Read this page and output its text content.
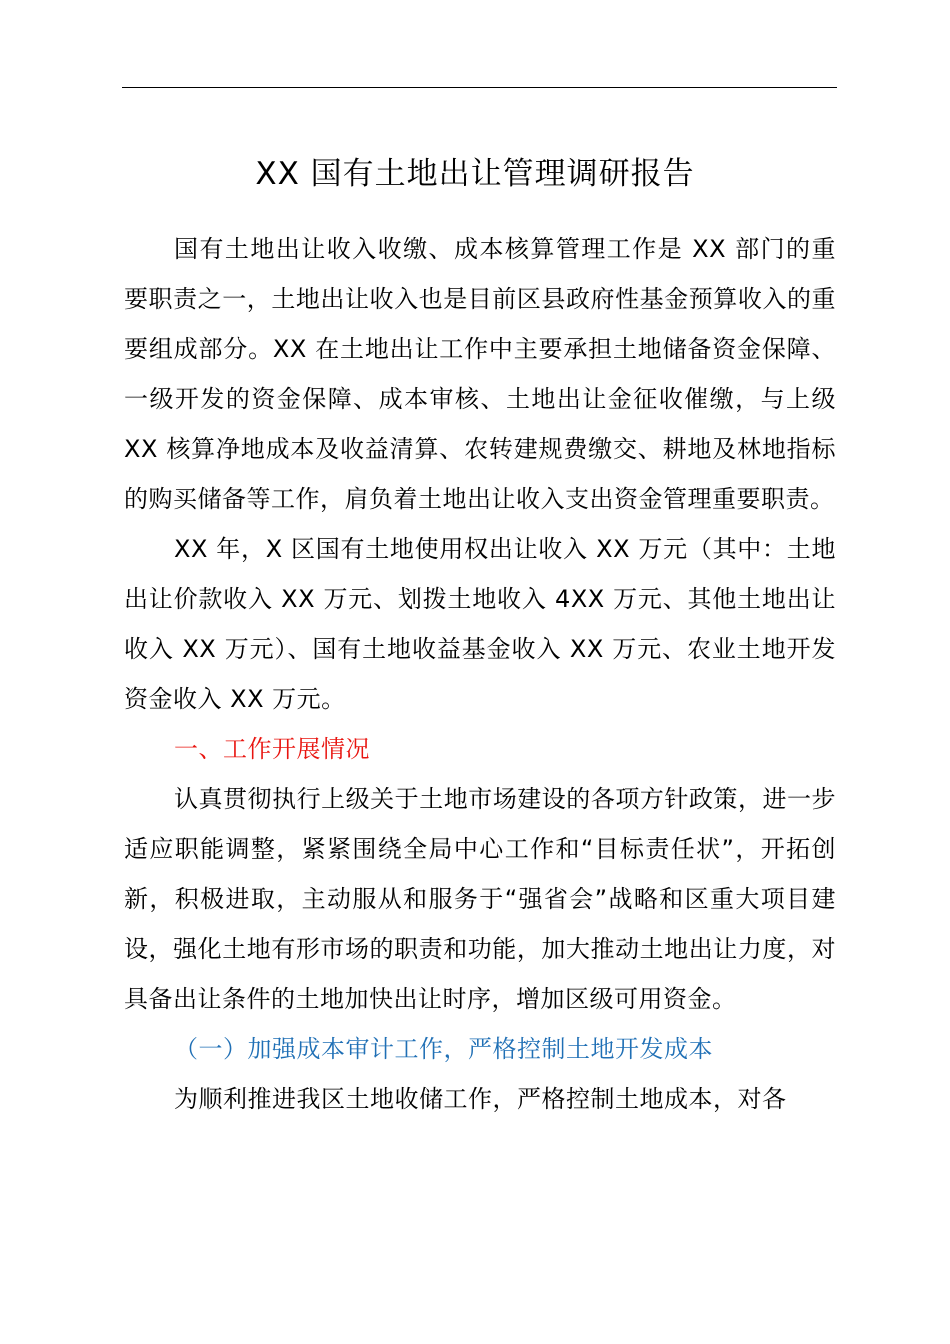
XX 国有土地出让管理调研报告

国有土地出让收入收缴、成本核算管理工作是 XX 部门的重要职责之一，土地出让收入也是目前区县政府性基金预算收入的重要组成部分。XX 在土地出让工作中主要承担土地储备资金保障、一级开发的资金保障、成本审核、土地出让金征收催缴，与上级 XX 核算净地成本及收益清算、农转建规费缴交、耕地及林地指标的购买储备等工作，肩负着土地出让收入支出资金管理重要职责。

XX 年，X 区国有土地使用权出让收入 XX 万元（其中：土地出让价款收入 XX 万元、划拨土地收入 4XX 万元、其他土地出让收入 XX 万元）、国有土地收益基金收入 XX 万元、农业土地开发资金收入 XX 万元。

一、工作开展情况

认真贯彻执行上级关于土地市场建设的各项方针政策，进一步适应职能调整，紧紧围绕全局中心工作和“目标责任状”，开拓创新，积极进取，主动服从和服务于“强省会”战略和区重大项目建设，强化土地有形市场的职责和功能，加大推动土地出让力度，对具备出让条件的土地加快出让时序，增加区级可用资金。

（一）加强成本审计工作，严格控制土地开发成本

为顺利推进我区土地收储工作，严格控制土地成本，对各
